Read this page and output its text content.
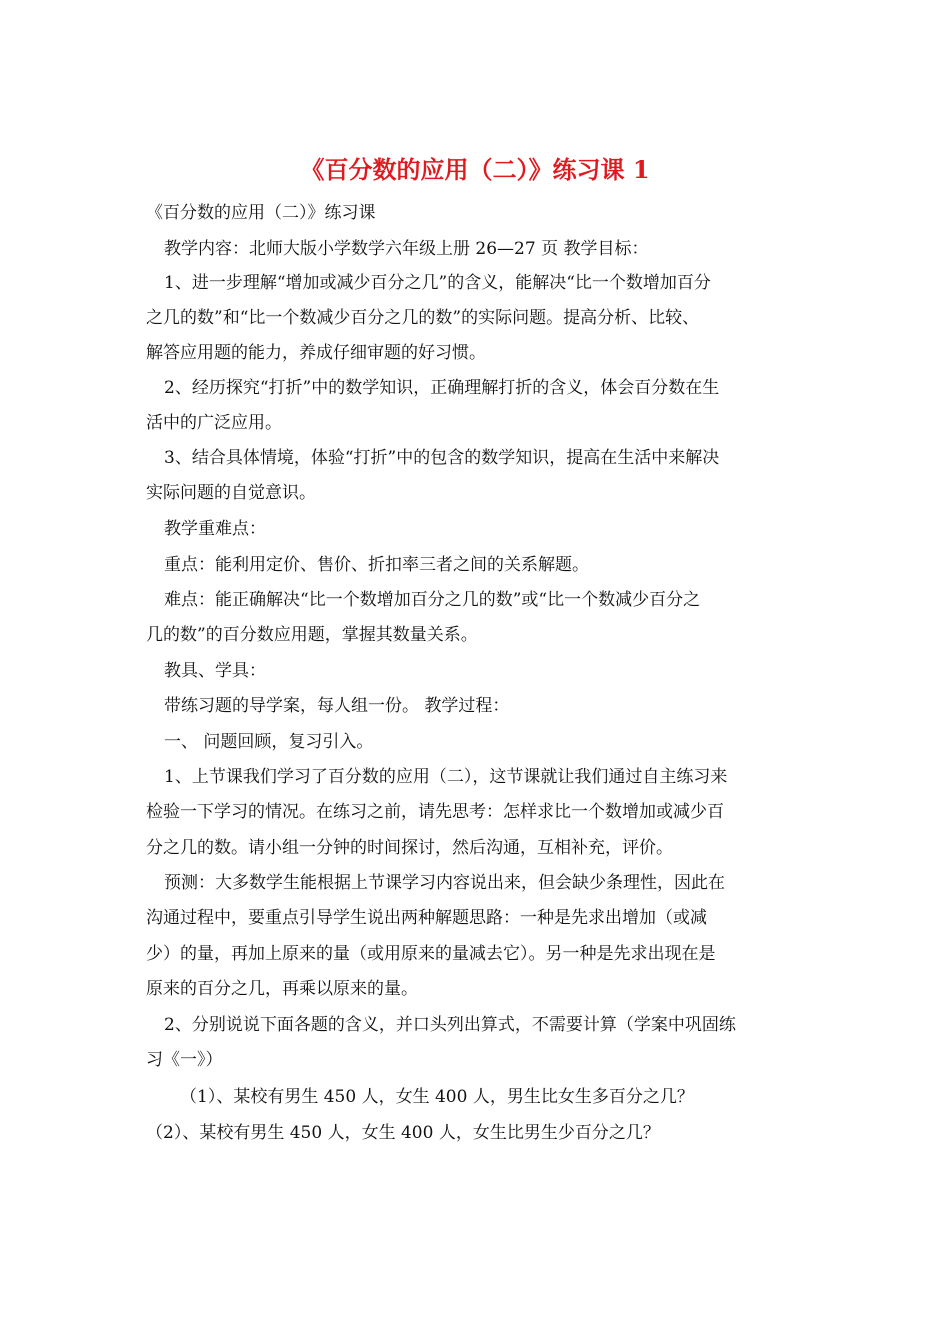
《百分数的应用（二）》练习课 1
《百分数的应用（二）》练习课
教学内容：北师大版小学数学六年级上册 26—27 页 教学目标：
1、进一步理解“增加或减少百分之几”的含义，能解决“比一个数增加百分
之几的数”和“比一个数减少百分之几的数”的实际问题。提高分析、比较、
解答应用题的能力，养成仔细审题的好习惯。
2、经历探究“打折”中的数学知识，正确理解打折的含义，体会百分数在生
活中的广泛应用。
3、结合具体情境，体验“打折”中的包含的数学知识，提高在生活中来解决
实际问题的自觉意识。
教学重难点：
重点：能利用定价、售价、折扣率三者之间的关系解题。
难点：能正确解决“比一个数增加百分之几的数”或“比一个数减少百分之
几的数”的百分数应用题，掌握其数量关系。
教具、学具：
带练习题的导学案，每人组一份。 教学过程：
一、 问题回顾，复习引入。
1、上节课我们学习了百分数的应用（二），这节课就让我们通过自主练习来
检验一下学习的情况。在练习之前，请先思考：怎样求比一个数增加或减少百
分之几的数。请小组一分钟的时间探讨，然后沟通，互相补充，评价。
预测：大多数学生能根据上节课学习内容说出来，但会缺少条理性，因此在
沟通过程中，要重点引导学生说出两种解题思路：一种是先求出增加（或减
少）的量，再加上原来的量（或用原来的量减去它）。另一种是先求出现在是
原来的百分之几，再乘以原来的量。
2、分别说说下面各题的含义，并口头列出算式，不需要计算（学案中巩固练
习《一》）
（1）、某校有男生 450 人，女生 400 人，男生比女生多百分之几？
（2）、某校有男生 450 人，女生 400 人，女生比男生少百分之几？
